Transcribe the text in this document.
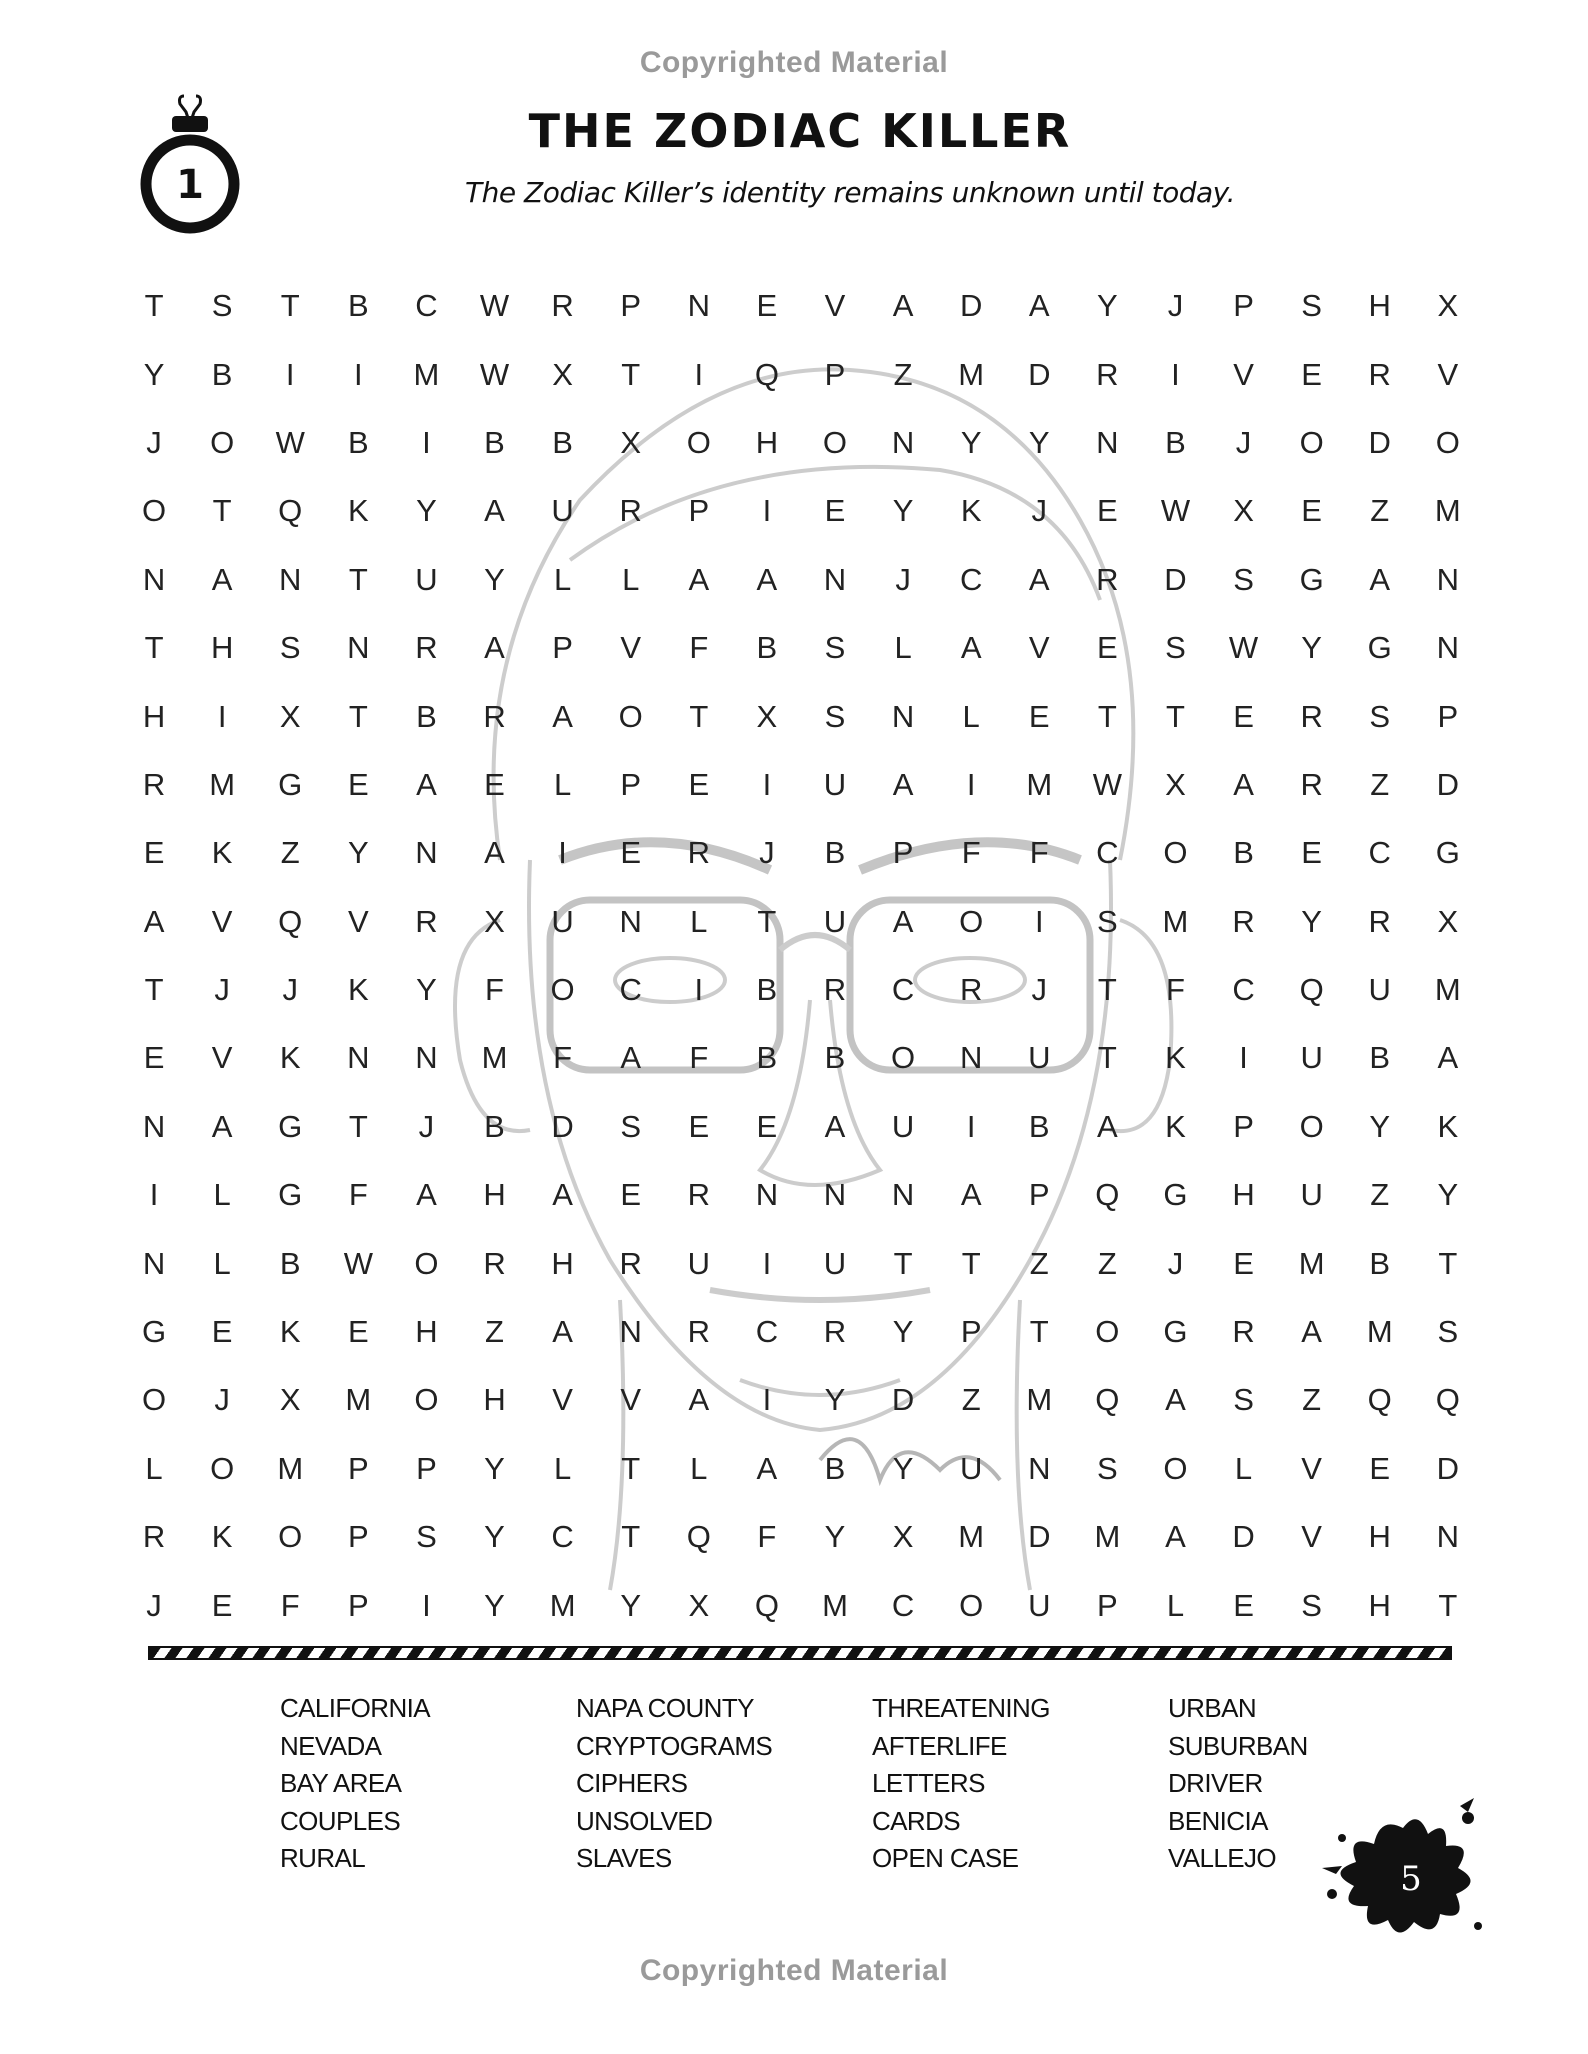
Copyrighted Material
1
THE ZODIAC KILLER
The Zodiac Killer’s identity remains unknown until today.
T	S	T	B	C	W	R	P	N	E	V	A	D	A	Y	J	P	S	H	X
Y	B	I	I	M	W	X	T	I	Q	P	Z	M	D	R	I	V	E	R	V
J	O	W	B	I	B	B	X	O	H	O	N	Y	Y	N	B	J	O	D	O
O	T	Q	K	Y	A	U	R	P	I	E	Y	K	J	E	W	X	E	Z	M
N	A	N	T	U	Y	L	L	A	A	N	J	C	A	R	D	S	G	A	N
T	H	S	N	R	A	P	V	F	B	S	L	A	V	E	S	W	Y	G	N
H	I	X	T	B	R	A	O	T	X	S	N	L	E	T	T	E	R	S	P
R	M	G	E	A	E	L	P	E	I	U	A	I	M	W	X	A	R	Z	D
E	K	Z	Y	N	A	I	E	R	J	B	P	F	F	C	O	B	E	C	G
A	V	Q	V	R	X	U	N	L	T	U	A	O	I	S	M	R	Y	R	X
T	J	J	K	Y	F	O	C	I	B	R	C	R	J	T	F	C	Q	U	M
E	V	K	N	N	M	F	A	F	B	B	O	N	U	T	K	I	U	B	A
N	A	G	T	J	B	D	S	E	E	A	U	I	B	A	K	P	O	Y	K
I	L	G	F	A	H	A	E	R	N	N	N	A	P	Q	G	H	U	Z	Y
N	L	B	W	O	R	H	R	U	I	U	T	T	Z	Z	J	E	M	B	T
G	E	K	E	H	Z	A	N	R	C	R	Y	P	T	O	G	R	A	M	S
O	J	X	M	O	H	V	V	A	I	Y	D	Z	M	Q	A	S	Z	Q	Q
L	O	M	P	P	Y	L	T	L	A	B	Y	U	N	S	O	L	V	E	D
R	K	O	P	S	Y	C	T	Q	F	Y	X	M	D	M	A	D	V	H	N
J	E	F	P	I	Y	M	Y	X	Q	M	C	O	U	P	L	E	S	H	T
CALIFORNIA
NEVADA
BAY AREA
COUPLES
RURAL
NAPA COUNTY
CRYPTOGRAMS
CIPHERS
UNSOLVED
SLAVES
THREATENING
AFTERLIFE
LETTERS
CARDS
OPEN CASE
URBAN
SUBURBAN
DRIVER
BENICIA
VALLEJO
5
Copyrighted Material
